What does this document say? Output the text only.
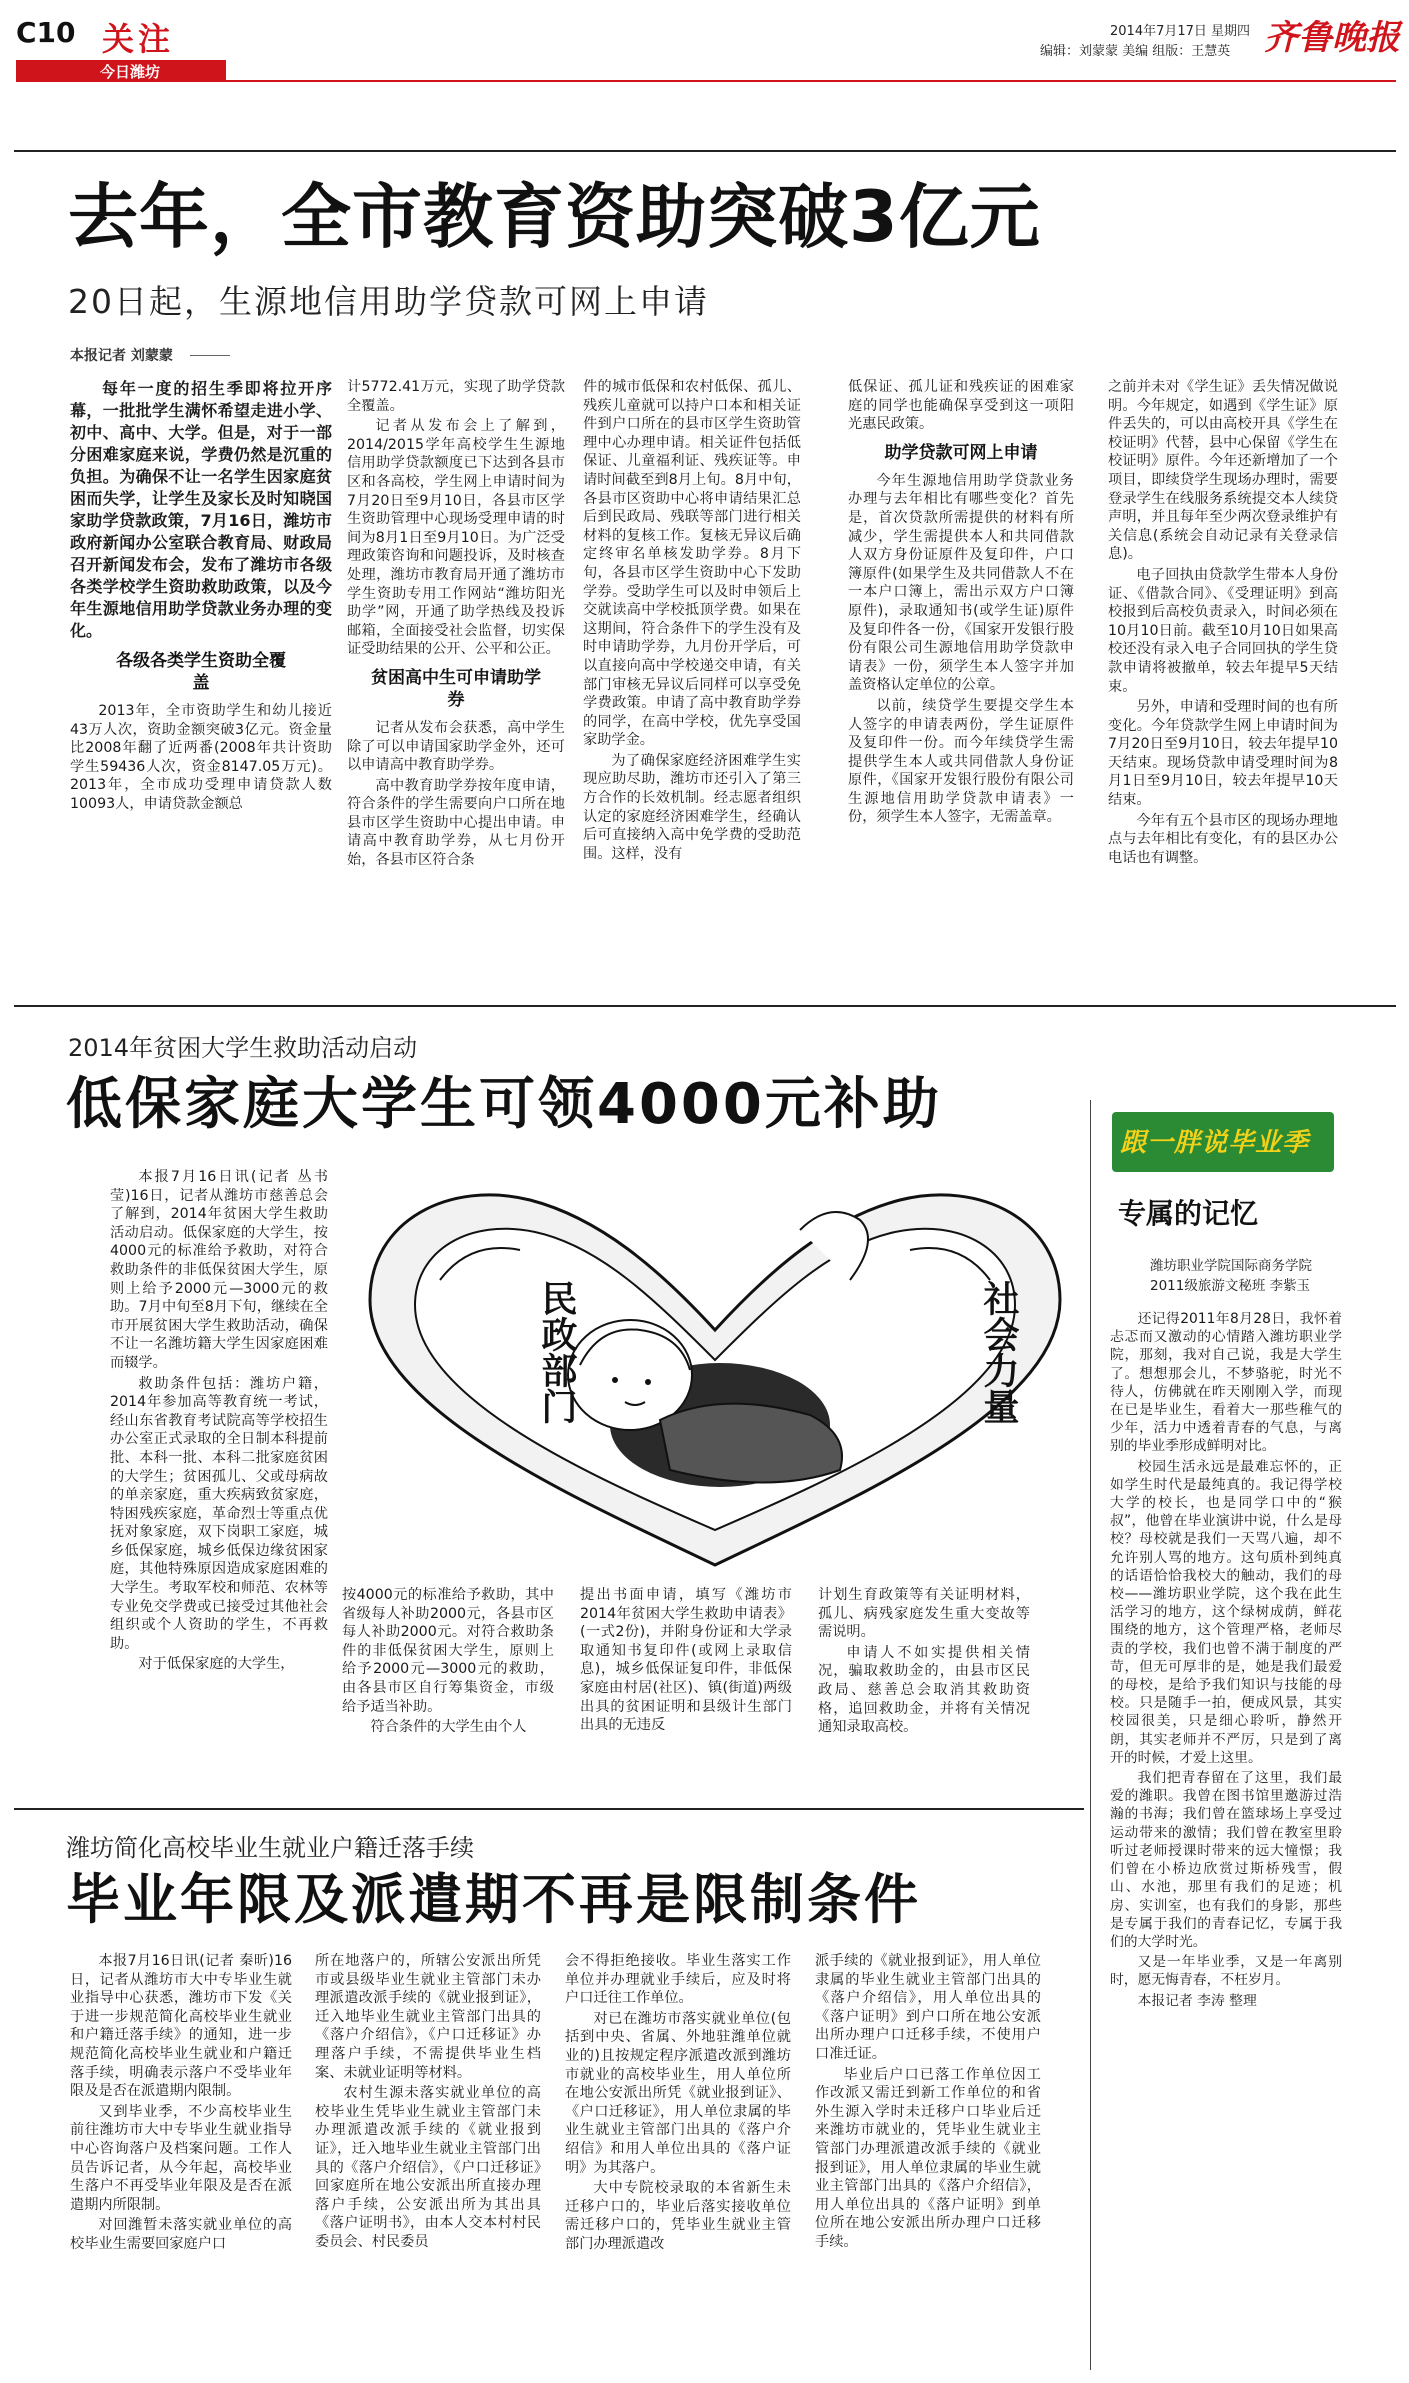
C10 关注
今日潍坊
2014年7月17日 星期四
编辑：刘蒙蒙 美编 组版：王慧英 齐鲁晚报
去年，全市教育资助突破3亿元
20日起，生源地信用助学贷款可网上申请
本报记者 刘蒙蒙

每年一度的招生季即将拉开序幕，一批批学生满怀希望走进小学、初中、高中、大学。但是，对于一部分困难家庭来说，学费仍然是沉重的负担。为确保不让一名学生因家庭贫困而失学，让学生及家长及时知晓国家助学贷款政策，7月16日，潍坊市政府新闻办公室联合教育局、财政局召开新闻发布会，发布了潍坊市各级各类学校学生资助救助政策，以及今年生源地信用助学贷款业务办理的变化。

各级各类学生资助全覆盖

2013年，全市资助学生和幼儿接近43万人次，资助金额突破3亿元。资金量比2008年翻了近两番(2008年共计资助学生59436人次，资金8147.05万元)。2013年，全市成功受理申请贷款人数10093人，申请贷款金额总

计5772.41万元，实现了助学贷款全覆盖。

记者从发布会上了解到，2014/2015学年高校学生生源地信用助学贷款额度已下达到各县市区和各高校，学生网上申请时间为7月20日至9月10日，各县市区学生资助管理中心现场受理申请的时间为8月1日至9月10日。为广泛受理政策咨询和问题投诉，及时核查处理，潍坊市教育局开通了潍坊市学生资助专用工作网站“潍坊阳光助学”网，开通了助学热线及投诉邮箱，全面接受社会监督，切实保证受助结果的公开、公平和公正。

贫困高中生可申请助学券

记者从发布会获悉，高中学生除了可以申请国家助学金外，还可以申请高中教育助学券。

高中教育助学券按年度申请，符合条件的学生需要向户口所在地县市区学生资助中心提出申请。申请高中教育助学券，从七月份开始，各县市区符合条

件的城市低保和农村低保、孤儿、残疾儿童就可以持户口本和相关证件到户口所在的县市区学生资助管理中心办理申请。相关证件包括低保证、儿童福利证、残疾证等。申请时间截至到8月上旬。8月中旬，各县市区资助中心将申请结果汇总后到民政局、残联等部门进行相关材料的复核工作。复核无异议后确定终审名单核发助学券。8月下旬，各县市区学生资助中心下发助学券。受助学生可以及时申领后上交就读高中学校抵顶学费。如果在这期间，符合条件下的学生没有及时申请助学券，九月份开学后，可以直接向高中学校递交申请，有关部门审核无异议后同样可以享受免学费政策。申请了高中教育助学券的同学，在高中学校，优先享受国家助学金。

为了确保家庭经济困难学生实现应助尽助，潍坊市还引入了第三方合作的长效机制。经志愿者组织认定的家庭经济困难学生，经确认后可直接纳入高中免学费的受助范围。这样，没有

低保证、孤儿证和残疾证的困难家庭的同学也能确保享受到这一项阳光惠民政策。

助学贷款可网上申请

今年生源地信用助学贷款业务办理与去年相比有哪些变化？首先是，首次贷款所需提供的材料有所减少，学生需提供本人和共同借款人双方身份证原件及复印件，户口簿原件(如果学生及共同借款人不在一本户口簿上，需出示双方户口簿原件)，录取通知书(或学生证)原件及复印件各一份，《国家开发银行股份有限公司生源地信用助学贷款申请表》一份，须学生本人签字并加盖资格认定单位的公章。

以前，续贷学生要提交学生本人签字的申请表两份，学生证原件及复印件一份。而今年续贷学生需提供学生本人或共同借款人身份证原件，《国家开发银行股份有限公司生源地信用助学贷款申请表》一份，须学生本人签字，无需盖章。

之前并未对《学生证》丢失情况做说明。今年规定，如遇到《学生证》原件丢失的，可以由高校开具《学生在校证明》代替，县中心保留《学生在校证明》原件。今年还新增加了一个项目，即续贷学生现场办理时，需要登录学生在线服务系统提交本人续贷声明，并且每年至少两次登录维护有关信息(系统会自动记录有关登录信息)。

电子回执由贷款学生带本人身份证、《借款合同》、《受理证明》到高校报到后高校负责录入，时间必须在10月10日前。截至10月10日如果高校还没有录入电子合同回执的学生贷款申请将被撤单，较去年提早5天结束。

另外，申请和受理时间的也有所变化。今年贷款学生网上申请时间为7月20日至9月10日，较去年提早10天结束。现场贷款申请受理时间为8月1日至9月10日，较去年提早10天结束。

今年有五个县市区的现场办理地点与去年相比有变化，有的县区办公电话也有调整。

2014年贫困大学生救助活动启动
低保家庭大学生可领4000元补助

本报7月16日讯(记者 丛书莹)16日，记者从潍坊市慈善总会了解到，2014年贫困大学生救助活动启动。低保家庭的大学生，按4000元的标准给予救助，对符合救助条件的非低保贫困大学生，原则上给予2000元—3000元的救助。7月中旬至8月下旬，继续在全市开展贫困大学生救助活动，确保不让一名潍坊籍大学生因家庭困难而辍学。

救助条件包括：潍坊户籍，2014年参加高等教育统一考试，经山东省教育考试院高等学校招生办公室正式录取的全日制本科提前批、本科一批、本科二批家庭贫困的大学生；贫困孤儿、父或母病故的单亲家庭，重大疾病致贫家庭，特困残疾家庭，革命烈士等重点优抚对象家庭，双下岗职工家庭，城乡低保家庭，城乡低保边缘贫困家庭，其他特殊原因造成家庭困难的大学生。考取军校和师范、农林等专业免交学费或已接受过其他社会组织或个人资助的学生，不再救助。

对于低保家庭的大学生，

民政部门	社会力量

按4000元的标准给予救助，其中省级每人补助2000元，各县市区每人补助2000元。对符合救助条件的非低保贫困大学生，原则上给予2000元—3000元的救助，由各县市区自行筹集资金，市级给予适当补助。

符合条件的大学生由个人

提出书面申请，填写《潍坊市2014年贫困大学生救助申请表》(一式2份)，并附身份证和大学录取通知书复印件(或网上录取信息)，城乡低保证复印件，非低保家庭由村居(社区)、镇(街道)两级出具的贫困证明和县级计生部门出具的无违反

计划生育政策等有关证明材料，孤儿、病残家庭发生重大变故等需说明。

申请人不如实提供相关情况，骗取救助金的，由县市区民政局、慈善总会取消其救助资格，追回救助金，并将有关情况通知录取高校。

潍坊简化高校毕业生就业户籍迁落手续
毕业年限及派遣期不再是限制条件

本报7月16日讯(记者 秦昕)16日，记者从潍坊市大中专毕业生就业指导中心获悉，潍坊市下发《关于进一步规范简化高校毕业生就业和户籍迁落手续》的通知，进一步规范简化高校毕业生就业和户籍迁落手续，明确表示落户不受毕业年限及是否在派遣期内限制。

又到毕业季，不少高校毕业生前往潍坊市大中专毕业生就业指导中心咨询落户及档案问题。工作人员告诉记者，从今年起，高校毕业生落户不再受毕业年限及是否在派遣期内所限制。

对回潍暂未落实就业单位的高校毕业生需要回家庭户口

所在地落户的，所辖公安派出所凭市或县级毕业生就业主管部门未办理派遣改派手续的《就业报到证》，迁入地毕业生就业主管部门出具的《落户介绍信》，《户口迁移证》办理落户手续，不需提供毕业生档案、未就业证明等材料。

农村生源未落实就业单位的高校毕业生凭毕业生就业主管部门未办理派遣改派手续的《就业报到证》，迁入地毕业生就业主管部门出具的《落户介绍信》，《户口迁移证》回家庭所在地公安派出所直接办理落户手续，公安派出所为其出具《落户证明书》，由本人交本村村民委员会、村民委员

会不得拒绝接收。毕业生落实工作单位并办理就业手续后，应及时将户口迁往工作单位。

对已在潍坊市落实就业单位(包括到中央、省属、外地驻潍单位就业的)且按规定程序派遣改派到潍坊市就业的高校毕业生，用人单位所在地公安派出所凭《就业报到证》、《户口迁移证》，用人单位隶属的毕业生就业主管部门出具的《落户介绍信》和用人单位出具的《落户证明》为其落户。

大中专院校录取的本省新生未迁移户口的，毕业后落实接收单位需迁移户口的，凭毕业生就业主管部门办理派遣改

派手续的《就业报到证》，用人单位隶属的毕业生就业主管部门出具的《落户介绍信》，用人单位出具的《落户证明》到户口所在地公安派出所办理户口迁移手续，不使用户口准迁证。

毕业后户口已落工作单位因工作改派又需迁到新工作单位的和省外生源入学时未迁移户口毕业后迁来潍坊市就业的，凭毕业生就业主管部门办理派遣改派手续的《就业报到证》，用人单位隶属的毕业生就业主管部门出具的《落户介绍信》，用人单位出具的《落户证明》到单位所在地公安派出所办理户口迁移手续。

跟一胖说毕业季
专属的记忆
潍坊职业学院国际商务学院
2011级旅游文秘班 李紫玉

还记得2011年8月28日，我怀着忐忑而又激动的心情踏入潍坊职业学院，那刻，我对自己说，我是大学生了。想想那会儿，不梦骆驼，时光不待人，仿佛就在昨天刚刚入学，而现在已是毕业生，看着大一那些稚气的少年，活力中透着青春的气息，与离别的毕业季形成鲜明对比。

校园生活永远是最难忘怀的，正如学生时代是最纯真的。我记得学校大学的校长，也是同学口中的“猴叔”，他曾在毕业演讲中说，什么是母校？母校就是我们一天骂八遍，却不允许别人骂的地方。这句质朴到纯真的话语恰恰我校大的触动，我们的母校——潍坊职业学院，这个我在此生活学习的地方，这个绿树成荫，鲜花围绕的地方，这个管理严格，老师尽责的学校，我们也曾不满于制度的严苛，但无可厚非的是，她是我们最爱的母校，是给予我们知识与技能的母校。只是随手一拍，便成风景，其实校园很美，只是细心聆听，静然开朗，其实老师并不严厉，只是到了离开的时候，才爱上这里。

我们把青春留在了这里，我们最爱的潍职。我曾在图书馆里邀游过浩瀚的书海；我们曾在篮球场上享受过运动带来的激情；我们曾在教室里聆听过老师授课时带来的远大憧憬；我们曾在小桥边欣赏过斯桥残雪，假山、水池，那里有我们的足迹；机房、实训室，也有我们的身影，那些是专属于我们的青春记忆，专属于我们的大学时光。

又是一年毕业季，又是一年离别时，愿无悔青春，不枉岁月。

本报记者 李涛 整理
